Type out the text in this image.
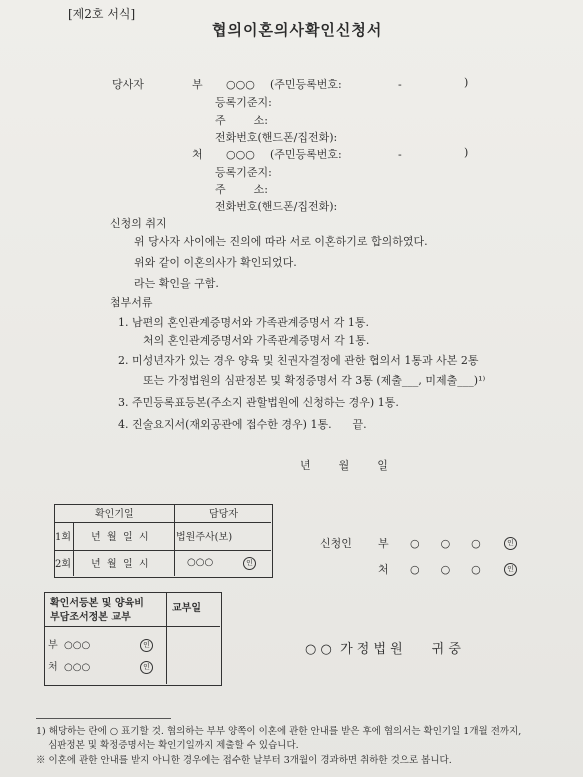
[제2호 서식]
협의이혼의사확인신청서
당사자	부 ○○○ (주민등록번호:	-	)
등록기준지:
주        소:
전화번호(핸드폰/집전화):
처 ○○○ (주민등록번호:	-	)
등록기준지:
주        소:
전화번호(핸드폰/집전화):
신청의 취지
위 당사자 사이에는 진의에 따라 서로 이혼하기로 합의하였다.
위와 같이 이혼의사가 확인되었다.
라는 확인을 구함.
첨부서류
1. 남편의 혼인관계증명서와 가족관계증명서 각 1통.
처의 혼인관계증명서와 가족관계증명서 각 1통.
2. 미성년자가 있는 경우 양육 및 친권자결정에 관한 협의서 1통과 사본 2통
또는 가정법원의 심판정본 및 확정증명서 각 3통 (제출___, 미제출___)¹⁾
3. 주민등록표등본(주소지 관할법원에 신청하는 경우) 1통.
4. 진술요지서(재외공관에 접수한 경우) 1통.      끝.
년        월        일
확인기일	담당자
1회 년  월  일  시	법원주사(보)
2회 년  월  일  시	○○○	인
신청인 부 ○      ○      ○	인
처 ○      ○      ○	인
확인서등본 및 양육비
부담조서정본 교부
교부일
부  ○○○	인
처  ○○○	인
○ ○  가 정 법 원       귀 중
1) 해당하는 란에 ○ 표기할 것. 협의하는 부부 양쪽이 이혼에 관한 안내를 받은 후에 협의서는 확인기일 1개월 전까지,
심판정본 및 확정증명서는 확인기일까지 제출할 수 있습니다.
※ 이혼에 관한 안내를 받지 아니한 경우에는 접수한 날부터 3개월이 경과하면 취하한 것으로 봅니다.
